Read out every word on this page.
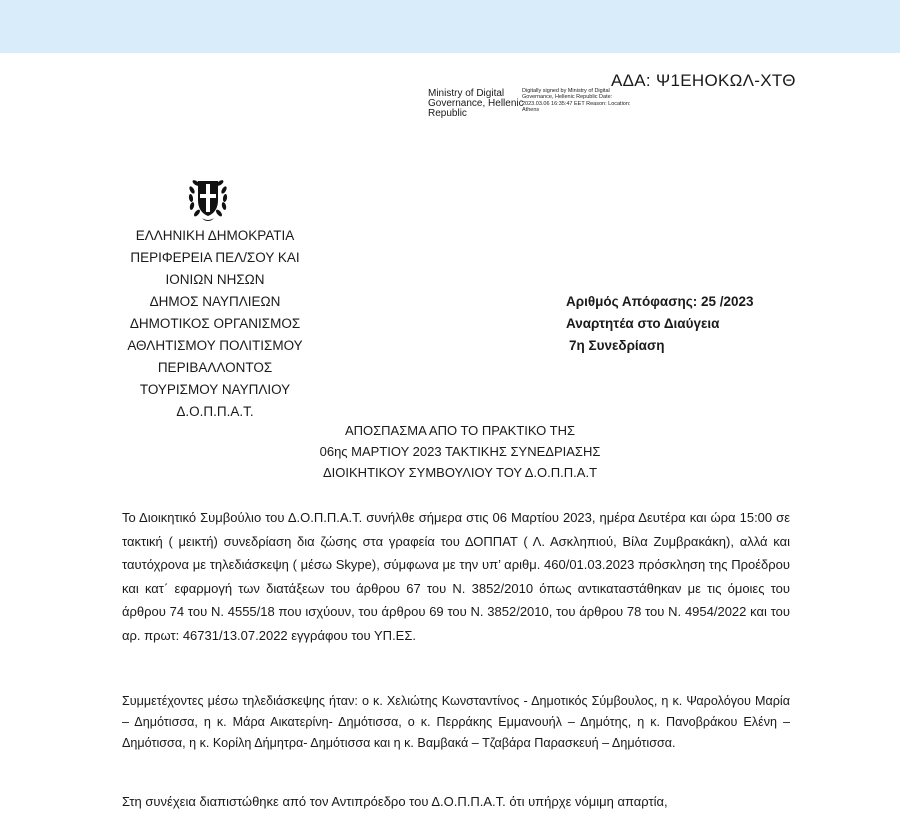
ΑΔΑ: Ψ1ΕΗΟΚΩΛ-ΧΤΘ
Ministry of Digital Governance, Hellenic Republic
Digitally signed by Ministry of Digital Governance, Hellenic Republic Date: 2023.03.06 16:35:47 EET Reason: Location: Athens
ΕΛΛΗΝΙΚΗ ΔΗΜΟΚΡΑΤΙΑ
ΠΕΡΙΦΕΡΕΙΑ ΠΕΛ/ΣΟΥ ΚΑΙ
ΙΟΝΙΩΝ ΝΗΣΩΝ
ΔΗΜΟΣ ΝΑΥΠΛΙΕΩΝ
ΔΗΜΟΤΙΚΟΣ ΟΡΓΑΝΙΣΜΟΣ
ΑΘΛΗΤΙΣΜΟΥ ΠΟΛΙΤΙΣΜΟΥ
ΠΕΡΙΒΑΛΛΟΝΤΟΣ
ΤΟΥΡΙΣΜΟΥ ΝΑΥΠΛΙΟΥ
Δ.Ο.Π.Π.Α.Τ.
Αριθμός Απόφασης: 25 /2023
Αναρτητέα στο Διαύγεια
7η Συνεδρίαση
ΑΠΟΣΠΑΣΜΑ ΑΠΟ ΤΟ ΠΡΑΚΤΙΚΟ ΤΗΣ
06ης ΜΑΡΤΙΟΥ 2023 ΤΑΚΤΙΚΗΣ ΣΥΝΕΔΡΙΑΣΗΣ
ΔΙΟΙΚΗΤΙΚΟΥ ΣΥΜΒΟΥΛΙΟΥ ΤΟΥ Δ.Ο.Π.Π.Α.Τ
Το Διοικητικό Συμβούλιο του Δ.Ο.Π.Π.Α.Τ. συνήλθε σήμερα στις 06 Μαρτίου 2023, ημέρα Δευτέρα και ώρα 15:00 σε τακτική ( μεικτή) συνεδρίαση δια ζώσης στα γραφεία του ΔΟΠΠΑΤ ( Λ. Ασκληπιού, Βίλα Ζυμβρακάκη), αλλά και ταυτόχρονα με τηλεδιάσκεψη ( μέσω Skype), σύμφωνα με την υπ’ αριθμ. 460/01.03.2023 πρόσκληση της Προέδρου και κατ΄ εφαρμογή των διατάξεων του άρθρου 67 του Ν. 3852/2010 όπως αντικαταστάθηκαν με τις όμοιες του άρθρου 74 του Ν. 4555/18 που ισχύουν, του άρθρου 69 του Ν. 3852/2010, του άρθρου 78 του Ν. 4954/2022 και του αρ. πρωτ: 46731/13.07.2022 εγγράφου του ΥΠ.ΕΣ.
Συμμετέχοντες μέσω τηλεδιάσκεψης ήταν: ο κ. Χελιώτης Κωνσταντίνος - Δημοτικός Σύμβουλος, η κ. Ψαρολόγου Μαρία – Δημότισσα, η κ. Μάρα Αικατερίνη- Δημότισσα, ο κ. Περράκης Εμμανουήλ – Δημότης, η κ. Πανοβράκου Ελένη – Δημότισσα, η κ. Κορίλη Δήμητρα- Δημότισσα και η κ. Βαμβακά – Τζαβάρα Παρασκευή – Δημότισσα.
Στη συνέχεια διαπιστώθηκε από τον Αντιπρόεδρο του Δ.Ο.Π.Π.Α.Τ. ότι υπήρχε νόμιμη απαρτία,
